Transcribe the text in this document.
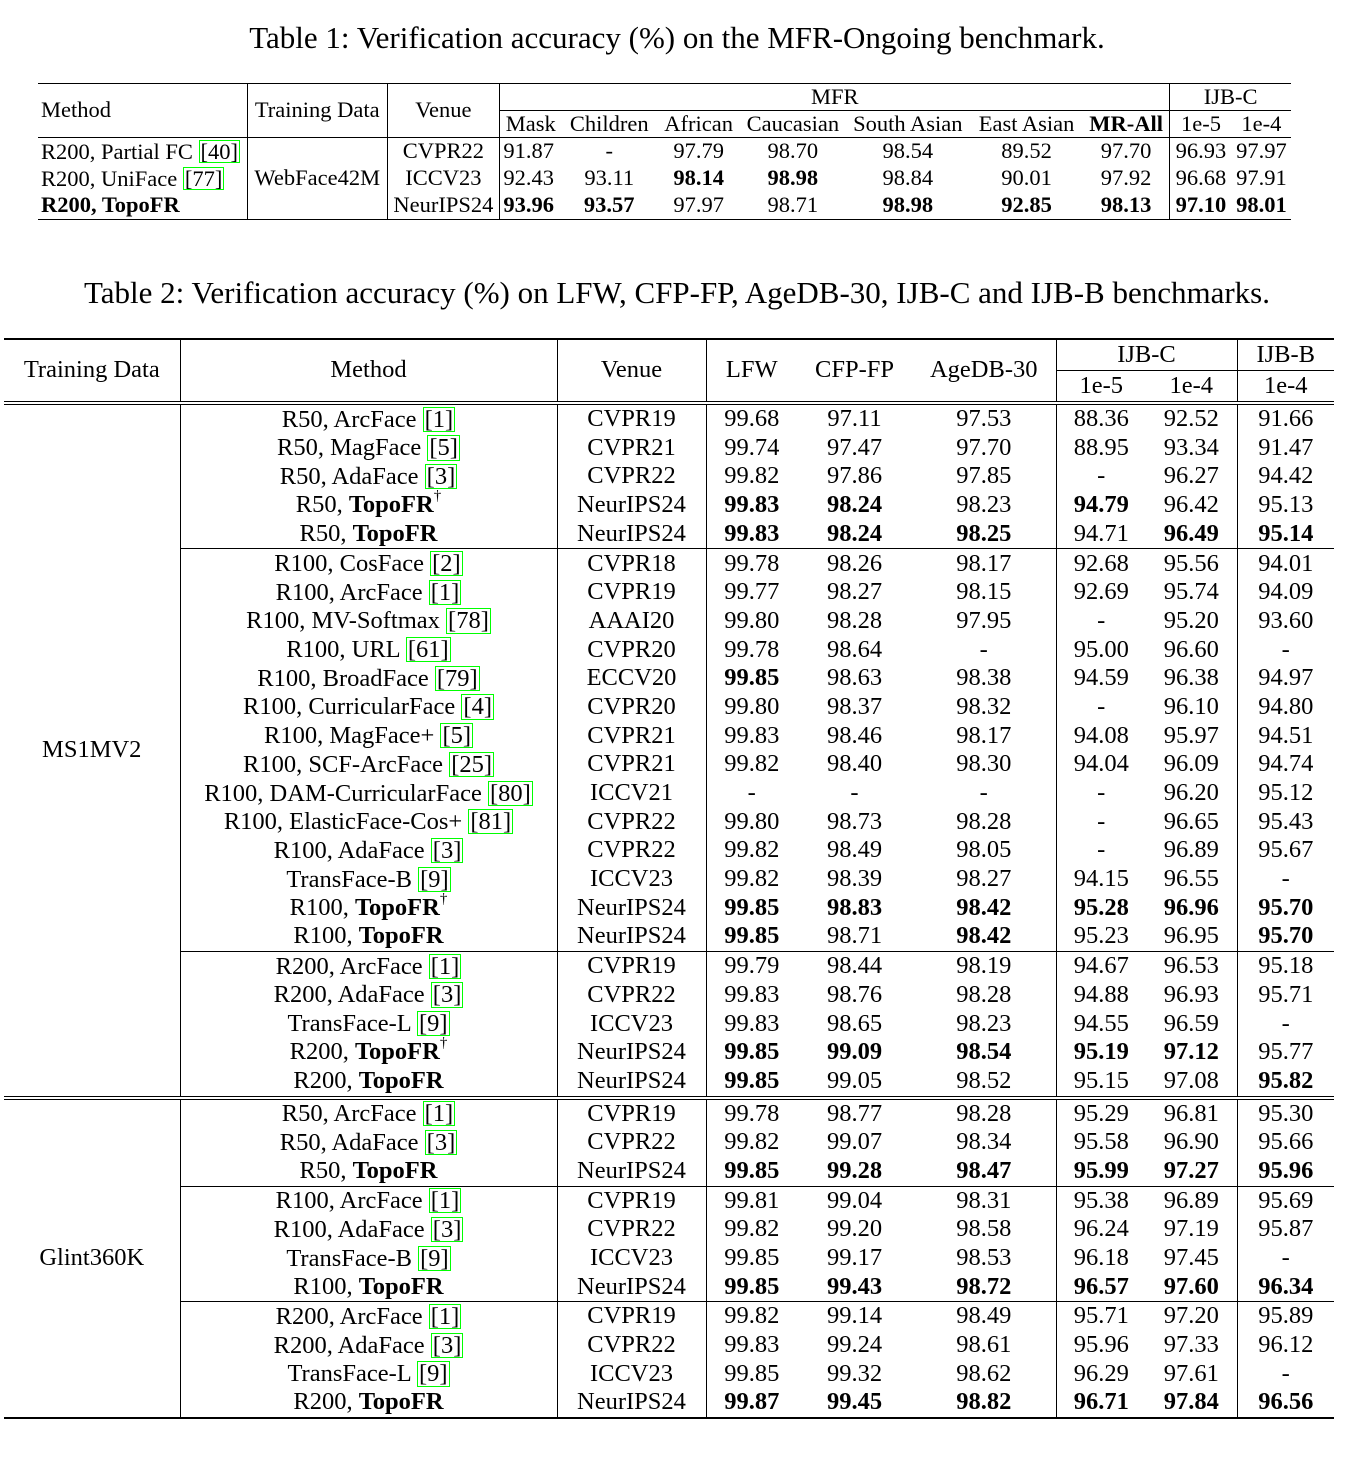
Table 1: Verification accuracy (%) on the MFR-Ongoing benchmark.
Method	Training Data	Venue	MFR							IJB-C	
			Mask	Children	African	Caucasian	South Asian	East Asian	MR-All	1e-5	1e-4
R200, Partial FC [40]	WebFace42M	CVPR22	91.87	-	97.79	98.70	98.54	89.52	97.70	96.93	97.97
R200, UniFace [77]		ICCV23	92.43	93.11	98.14	98.98	98.84	90.01	97.92	96.68	97.91
R200, TopoFR		NeurIPS24	93.96	93.57	97.97	98.71	98.98	92.85	98.13	97.10	98.01
Table 2: Verification accuracy (%) on LFW, CFP-FP, AgeDB-30, IJB-C and IJB-B benchmarks.
Training Data	Method	Venue	LFW	CFP-FP	AgeDB-30	IJB-C		IJB-B
						1e-5	1e-4	1e-4
MS1MV2	R50, ArcFace [1]	CVPR19	99.68	97.11	97.53	88.36	92.52	91.66
	R50, MagFace [5]	CVPR21	99.74	97.47	97.70	88.95	93.34	91.47
	R50, AdaFace [3]	CVPR22	99.82	97.86	97.85	-	96.27	94.42
	R50, TopoFR†	NeurIPS24	99.83	98.24	98.23	94.79	96.42	95.13
	R50, TopoFR	NeurIPS24	99.83	98.24	98.25	94.71	96.49	95.14
	R100, CosFace [2]	CVPR18	99.78	98.26	98.17	92.68	95.56	94.01
	R100, ArcFace [1]	CVPR19	99.77	98.27	98.15	92.69	95.74	94.09
	R100, MV-Softmax [78]	AAAI20	99.80	98.28	97.95	-	95.20	93.60
	R100, URL [61]	CVPR20	99.78	98.64	-	95.00	96.60	-
	R100, BroadFace [79]	ECCV20	99.85	98.63	98.38	94.59	96.38	94.97
	R100, CurricularFace [4]	CVPR20	99.80	98.37	98.32	-	96.10	94.80
	R100, MagFace+ [5]	CVPR21	99.83	98.46	98.17	94.08	95.97	94.51
	R100, SCF-ArcFace [25]	CVPR21	99.82	98.40	98.30	94.04	96.09	94.74
	R100, DAM-CurricularFace [80]	ICCV21	-	-	-	-	96.20	95.12
	R100, ElasticFace-Cos+ [81]	CVPR22	99.80	98.73	98.28	-	96.65	95.43
	R100, AdaFace [3]	CVPR22	99.82	98.49	98.05	-	96.89	95.67
	TransFace-B [9]	ICCV23	99.82	98.39	98.27	94.15	96.55	-
	R100, TopoFR†	NeurIPS24	99.85	98.83	98.42	95.28	96.96	95.70
	R100, TopoFR	NeurIPS24	99.85	98.71	98.42	95.23	96.95	95.70
	R200, ArcFace [1]	CVPR19	99.79	98.44	98.19	94.67	96.53	95.18
	R200, AdaFace [3]	CVPR22	99.83	98.76	98.28	94.88	96.93	95.71
	TransFace-L [9]	ICCV23	99.83	98.65	98.23	94.55	96.59	-
	R200, TopoFR†	NeurIPS24	99.85	99.09	98.54	95.19	97.12	95.77
	R200, TopoFR	NeurIPS24	99.85	99.05	98.52	95.15	97.08	95.82
Glint360K	R50, ArcFace [1]	CVPR19	99.78	98.77	98.28	95.29	96.81	95.30
	R50, AdaFace [3]	CVPR22	99.82	99.07	98.34	95.58	96.90	95.66
	R50, TopoFR	NeurIPS24	99.85	99.28	98.47	95.99	97.27	95.96
	R100, ArcFace [1]	CVPR19	99.81	99.04	98.31	95.38	96.89	95.69
	R100, AdaFace [3]	CVPR22	99.82	99.20	98.58	96.24	97.19	95.87
	TransFace-B [9]	ICCV23	99.85	99.17	98.53	96.18	97.45	-
	R100, TopoFR	NeurIPS24	99.85	99.43	98.72	96.57	97.60	96.34
	R200, ArcFace [1]	CVPR19	99.82	99.14	98.49	95.71	97.20	95.89
	R200, AdaFace [3]	CVPR22	99.83	99.24	98.61	95.96	97.33	96.12
	TransFace-L [9]	ICCV23	99.85	99.32	98.62	96.29	97.61	-
	R200, TopoFR	NeurIPS24	99.87	99.45	98.82	96.71	97.84	96.56
